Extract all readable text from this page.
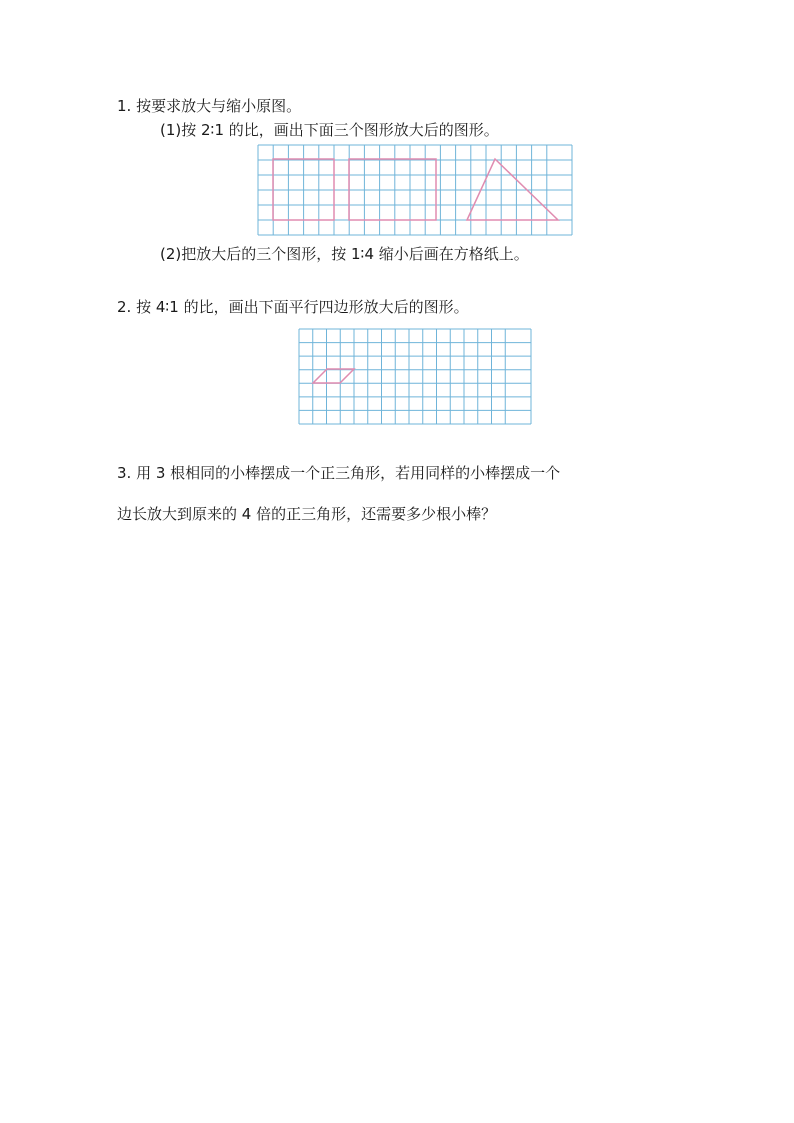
1. 按要求放大与缩小原图。
(1)按 2∶1 的比，画出下面三个图形放大后的图形。
(2)把放大后的三个图形，按 1∶4 缩小后画在方格纸上。
2. 按 4∶1 的比，画出下面平行四边形放大后的图形。
3. 用 3 根相同的小棒摆成一个正三角形，若用同样的小棒摆成一个
边长放大到原来的 4 倍的正三角形，还需要多少根小棒？
